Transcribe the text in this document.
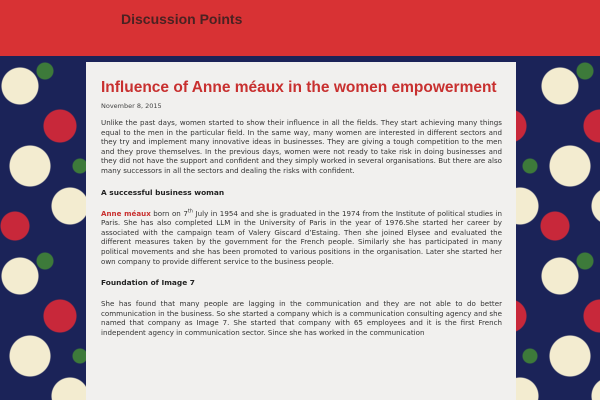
Discussion Points
Influence of Anne méaux in the women empowerment
November 8, 2015

Unlike the past days, women started to show their influence in all the fields. They start achieving many things equal to the men in the particular field. In the same way, many women are interested in different sectors and they try and implement many innovative ideas in businesses. They are giving a tough competition to the men and they prove themselves. In the previous days, women were not ready to take risk in doing businesses and they did not have the support and confident and they simply worked in several organisations. But there are also many successors in all the sectors and dealing the risks with confident.

A successful business woman

Anne méaux born on 7th July in 1954 and she is graduated in the 1974 from the Institute of political studies in Paris. She has also completed LLM in the University of Paris in the year of 1976.She started her career by associated with the campaign team of Valery Giscard d’Estaing. Then she joined Elysee and evaluated the different measures taken by the government for the French people. Similarly she has participated in many political movements and she has been promoted to various positions in the organisation. Later she started her own company to provide different service to the business people.

Foundation of Image 7

She has found that many people are lagging in the communication and they are not able to do better communication in the business. So she started a company which is a communication consulting agency and she named that company as Image 7. She started that company with 65 employees and it is the first French independent agency in communication sector. Since she has worked in the communication
